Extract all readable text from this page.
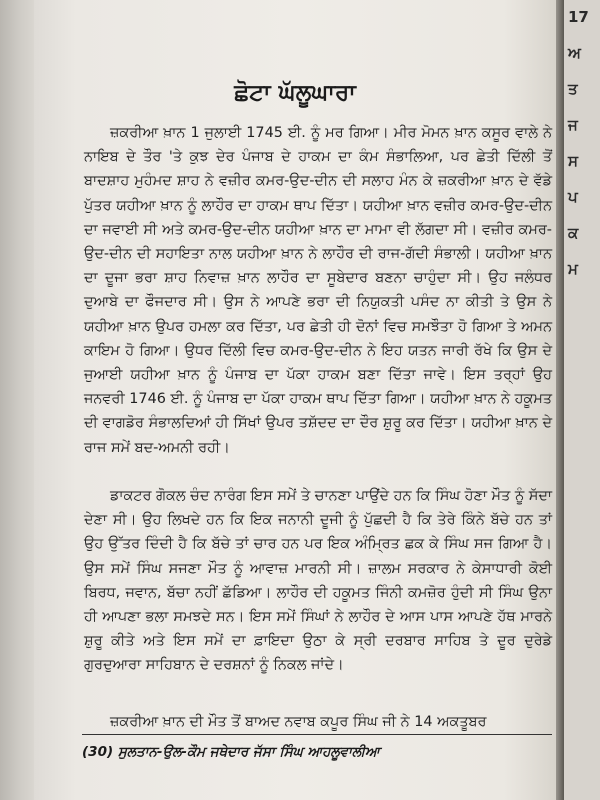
ਛੋਟਾ ਘੱਲੂਘਾਰਾ

ਜ਼ਕਰੀਆ ਖ਼ਾਨ 1 ਜੁਲਾਈ 1745 ਈ. ਨੂੰ ਮਰ ਗਿਆ। ਮੀਰ ਮੋਮਨ ਖ਼ਾਨ ਕਸੂਰ ਵਾਲੇ ਨੇ ਨਾਇਬ ਦੇ ਤੌਰ 'ਤੇ ਕੁਝ ਦੇਰ ਪੰਜਾਬ ਦੇ ਹਾਕਮ ਦਾ ਕੰਮ ਸੰਭਾਲਿਆ, ਪਰ ਛੇਤੀ ਦਿੱਲੀ ਤੋਂ ਬਾਦਸ਼ਾਹ ਮੁਹੰਮਦ ਸ਼ਾਹ ਨੇ ਵਜ਼ੀਰ ਕਮਰ-ਉਦ-ਦੀਨ ਦੀ ਸਲਾਹ ਮੰਨ ਕੇ ਜ਼ਕਰੀਆ ਖ਼ਾਨ ਦੇ ਵੱਡੇ ਪੁੱਤਰ ਯਹੀਆ ਖ਼ਾਨ ਨੂੰ ਲਾਹੌਰ ਦਾ ਹਾਕਮ ਥਾਪ ਦਿੱਤਾ। ਯਹੀਆ ਖ਼ਾਨ ਵਜ਼ੀਰ ਕਮਰ-ਉਦ-ਦੀਨ ਦਾ ਜਵਾਈ ਸੀ ਅਤੇ ਕਮਰ-ਉਦ-ਦੀਨ ਯਹੀਆ ਖ਼ਾਨ ਦਾ ਮਾਮਾ ਵੀ ਲੱਗਦਾ ਸੀ। ਵਜ਼ੀਰ ਕਮਰ-ਉਦ-ਦੀਨ ਦੀ ਸਹਾਇਤਾ ਨਾਲ ਯਹੀਆ ਖ਼ਾਨ ਨੇ ਲਾਹੌਰ ਦੀ ਰਾਜ-ਗੱਦੀ ਸੰਭਾਲੀ। ਯਹੀਆ ਖ਼ਾਨ ਦਾ ਦੂਜਾ ਭਰਾ ਸ਼ਾਹ ਨਿਵਾਜ਼ ਖ਼ਾਨ ਲਾਹੌਰ ਦਾ ਸੂਬੇਦਾਰ ਬਣਨਾ ਚਾਹੁੰਦਾ ਸੀ। ਉਹ ਜਲੰਧਰ ਦੁਆਬੇ ਦਾ ਫੌਜਦਾਰ ਸੀ। ਉਸ ਨੇ ਆਪਣੇ ਭਰਾ ਦੀ ਨਿਯੁਕਤੀ ਪਸੰਦ ਨਾ ਕੀਤੀ ਤੇ ਉਸ ਨੇ ਯਹੀਆ ਖ਼ਾਨ ਉਪਰ ਹਮਲਾ ਕਰ ਦਿੱਤਾ, ਪਰ ਛੇਤੀ ਹੀ ਦੋਨਾਂ ਵਿਚ ਸਮਝੌਤਾ ਹੋ ਗਿਆ ਤੇ ਅਮਨ ਕਾਇਮ ਹੋ ਗਿਆ। ਉਧਰ ਦਿੱਲੀ ਵਿਚ ਕਮਰ-ਉਦ-ਦੀਨ ਨੇ ਇਹ ਯਤਨ ਜਾਰੀ ਰੱਖੇ ਕਿ ਉਸ ਦੇ ਜੁਆਈ ਯਹੀਆ ਖ਼ਾਨ ਨੂੰ ਪੰਜਾਬ ਦਾ ਪੱਕਾ ਹਾਕਮ ਬਣਾ ਦਿੱਤਾ ਜਾਵੇ। ਇਸ ਤਰ੍ਹਾਂ ਉਹ ਜਨਵਰੀ 1746 ਈ. ਨੂੰ ਪੰਜਾਬ ਦਾ ਪੱਕਾ ਹਾਕਮ ਥਾਪ ਦਿੱਤਾ ਗਿਆ। ਯਹੀਆ ਖ਼ਾਨ ਨੇ ਹਕੂਮਤ ਦੀ ਵਾਗਡੋਰ ਸੰਭਾਲਦਿਆਂ ਹੀ ਸਿੱਖਾਂ ਉਪਰ ਤਸ਼ੱਦਦ ਦਾ ਦੌਰ ਸ਼ੁਰੂ ਕਰ ਦਿੱਤਾ। ਯਹੀਆ ਖ਼ਾਨ ਦੇ ਰਾਜ ਸਮੇਂ ਬਦ-ਅਮਨੀ ਰਹੀ।

ਡਾਕਟਰ ਗੋਕਲ ਚੰਦ ਨਾਰੰਗ ਇਸ ਸਮੇਂ ਤੇ ਚਾਨਣਾ ਪਾਉਂਦੇ ਹਨ ਕਿ ਸਿੰਘ ਹੋਣਾ ਮੌਤ ਨੂੰ ਸੱਦਾ ਦੇਣਾ ਸੀ। ਉਹ ਲਿਖਦੇ ਹਨ ਕਿ ਇਕ ਜਨਾਨੀ ਦੂਜੀ ਨੂੰ ਪੁੱਛਦੀ ਹੈ ਕਿ ਤੇਰੇ ਕਿੰਨੇ ਬੱਚੇ ਹਨ ਤਾਂ ਉਹ ਉੱਤਰ ਦਿੰਦੀ ਹੈ ਕਿ ਬੱਚੇ ਤਾਂ ਚਾਰ ਹਨ ਪਰ ਇਕ ਅੰਮ੍ਰਿਤ ਛਕ ਕੇ ਸਿੰਘ ਸਜ ਗਿਆ ਹੈ। ਉਸ ਸਮੇਂ ਸਿੰਘ ਸਜਣਾ ਮੌਤ ਨੂੰ ਆਵਾਜ਼ ਮਾਰਨੀ ਸੀ। ਜ਼ਾਲਮ ਸਰਕਾਰ ਨੇ ਕੇਸਾਧਾਰੀ ਕੋਈ ਬਿਰਧ, ਜਵਾਨ, ਬੱਚਾ ਨਹੀਂ ਛੱਡਿਆ। ਲਾਹੌਰ ਦੀ ਹਕੂਮਤ ਜਿੰਨੀ ਕਮਜ਼ੋਰ ਹੁੰਦੀ ਸੀ ਸਿੰਘ ਉਨਾ ਹੀ ਆਪਣਾ ਭਲਾ ਸਮਝਦੇ ਸਨ। ਇਸ ਸਮੇਂ ਸਿੰਘਾਂ ਨੇ ਲਾਹੌਰ ਦੇ ਆਸ ਪਾਸ ਆਪਣੇ ਹੱਥ ਮਾਰਨੇ ਸ਼ੁਰੂ ਕੀਤੇ ਅਤੇ ਇਸ ਸਮੇਂ ਦਾ ਫ਼ਾਇਦਾ ਉਠਾ ਕੇ ਸ੍ਰੀ ਦਰਬਾਰ ਸਾਹਿਬ ਤੇ ਦੂਰ ਦੁਰੇਡੇ ਗੁਰਦੁਆਰਾ ਸਾਹਿਬਾਨ ਦੇ ਦਰਸ਼ਨਾਂ ਨੂੰ ਨਿਕਲ ਜਾਂਦੇ।

ਜ਼ਕਰੀਆ ਖ਼ਾਨ ਦੀ ਮੌਤ ਤੋਂ ਬਾਅਦ ਨਵਾਬ ਕਪੂਰ ਸਿੰਘ ਜੀ ਨੇ 14 ਅਕਤੂਬਰ

(30) ਸੁਲਤਾਨ-ਉਲ-ਕੌਮ ਜਥੇਦਾਰ ਜੱਸਾ ਸਿੰਘ ਆਹਲੂਵਾਲੀਆ

17
ਅ
ਤ
ਜ
ਸ
ਪ
ਕ
ਮ
